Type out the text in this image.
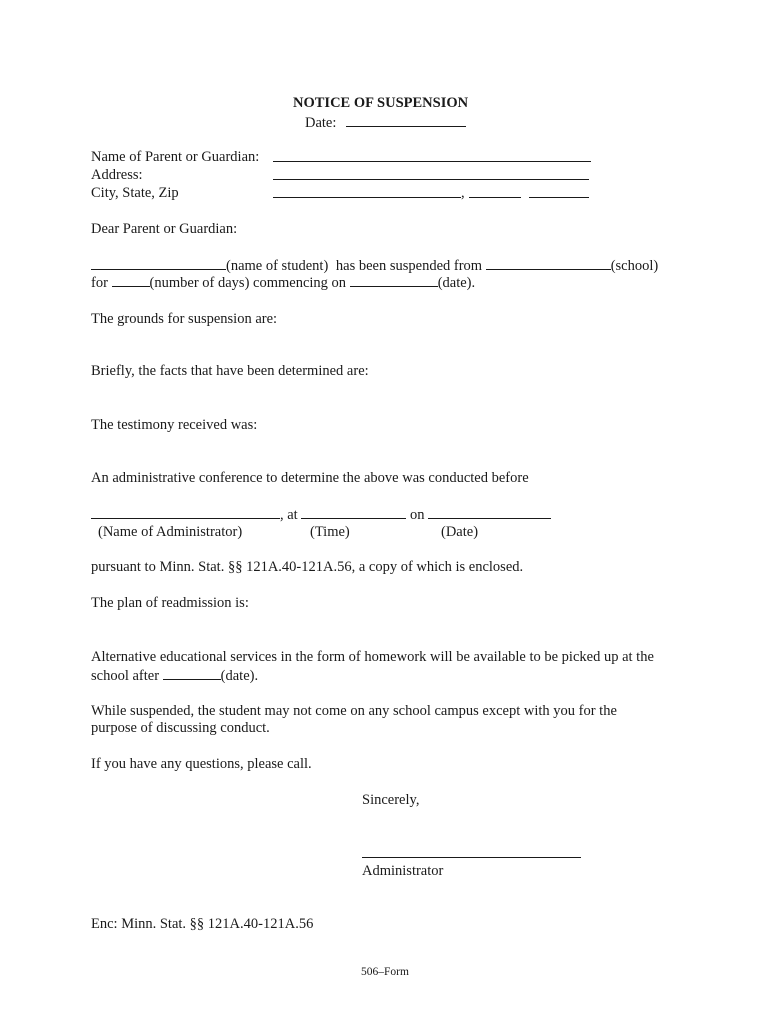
NOTICE OF SUSPENSION
Date:
Name of Parent or Guardian:
Address:
City, State, Zip	,
Dear Parent or Guardian:
(name of student) has been suspended from	(school)
for	(number of days) commencing on	(date).
The grounds for suspension are:
Briefly, the facts that have been determined are:
The testimony received was:
An administrative conference to determine the above was conducted before
, at	on
(Name of Administrator)	(Time)	(Date)
pursuant to Minn. Stat. §§ 121A.40-121A.56, a copy of which is enclosed.
The plan of readmission is:
Alternative educational services in the form of homework will be available to be picked up at the
school after	(date).
While suspended, the student may not come on any school campus except with you for the
purpose of discussing conduct.
If you have any questions, please call.
Sincerely,
Administrator
Enc: Minn. Stat. §§ 121A.40-121A.56
506–Form
